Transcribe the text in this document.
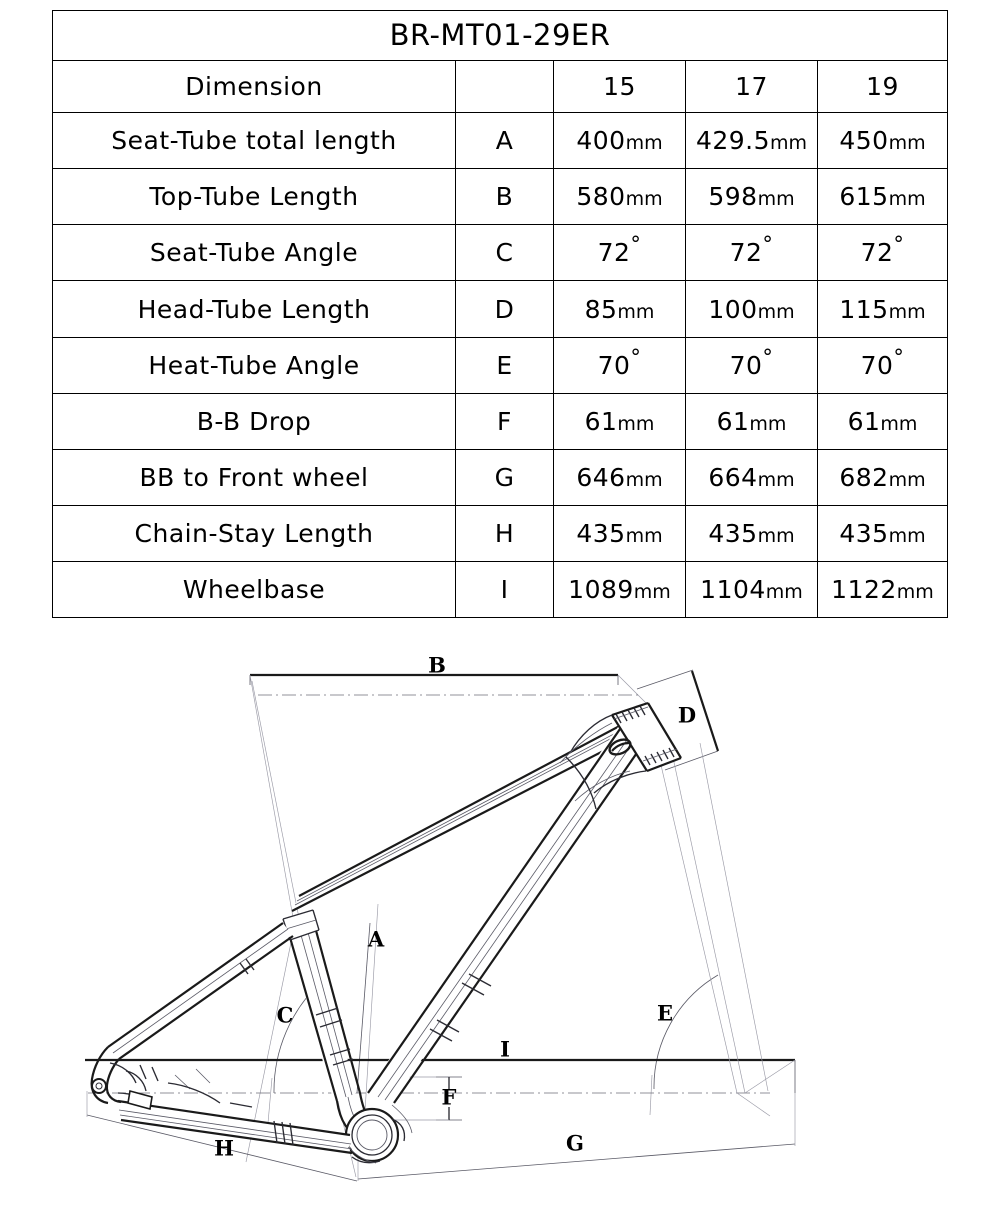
BR-MT01-29ER				
Dimension		15	17	19
Seat-Tube total length	A	400mm	429.5mm	450mm
Top-Tube Length	B	580mm	598mm	615mm
Seat-Tube Angle	C	72°	72°	72°
Head-Tube Length	D	85mm	100mm	115mm
Heat-Tube Angle	E	70°	70°	70°
B-B Drop	F	61mm	61mm	61mm
BB to Front wheel	G	646mm	664mm	682mm
Chain-Stay Length	H	435mm	435mm	435mm
Wheelbase	I	1089mm	1104mm	1122mm
B
D
A
C	E
I
F
G
H
